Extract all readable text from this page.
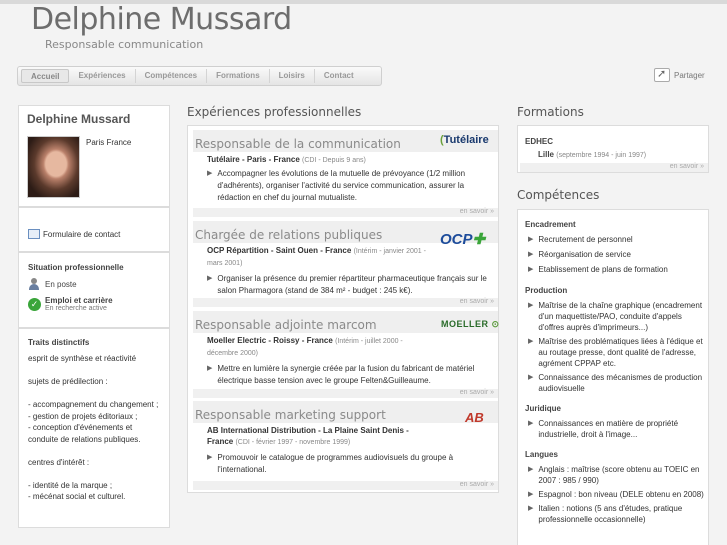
Delphine Mussard
Responsable communication
Accueil	Expériences	Compétences	Formations	Loisirs	Contact
➚	Partager
Delphine Mussard
Paris France
Formulaire de contact
Situation professionnelle
En poste
✓ Emploi et carrière
En recherche active
Traits distinctifs
esprit de synthèse et réactivité
sujets de prédilection :
- accompagnement du changement ;
- gestion de projets éditoriaux ;
- conception d'événements et
conduite de relations publiques.
centres d'intérêt :
- identité de la marque ;
- mécénat social et culturel.
Expériences professionnelles
Responsable de la communication
Tutélaire - Paris - France (CDI - Depuis 9 ans)
▶ Accompagner les évolutions de la mutuelle de prévoyance (1/2 million d'adhérents), organiser l'activité du service communication, assurer la rédaction en chef du journal mutualiste.
(Tutélaire
en savoir »
Chargée de relations publiques
OCP Répartition - Saint Ouen - France (Intérim - janvier 2001 - mars 2001)
▶ Organiser la présence du premier répartiteur pharmaceutique français sur le salon Pharmagora (stand de 384 m² - budget : 245 k€).
OCP✚
en savoir »
Responsable adjointe marcom
Moeller Electric - Roissy - France (Intérim - juillet 2000 - décembre 2000)
▶ Mettre en lumière la synergie créée par la fusion du fabricant de matériel électrique basse tension avec le groupe Felten&Guilleaume.
MOELLER ⊙
en savoir »
Responsable marketing support
AB International Distribution - La Plaine Saint Denis - France (CDI - février 1997 - novembre 1999)
▶ Promouvoir le catalogue de programmes audiovisuels du groupe à l'international.
AB
en savoir »
Formations
EDHEC
Lille (septembre 1994 - juin 1997)
en savoir »
Compétences
Encadrement
▶ Recrutement de personnel
▶ Réorganisation de service
▶ Etablissement de plans de formation
Production
▶ Maîtrise de la chaîne graphique (encadrement d'un maquettiste/PAO, conduite d'appels d'offres auprès d'imprimeurs...)
▶ Maîtrise des problématiques liées à l'édique et au routage presse, dont qualité de l'adresse, agrément CPPAP etc.
▶ Connaissance des mécanismes de production audiovisuelle
Juridique
▶ Connaissances en matière de propriété industrielle, droit à l'image...
Langues
▶ Anglais : maîtrise (score obtenu au TOEIC en 2007 : 985 / 990)
▶ Espagnol : bon niveau (DELE obtenu en 2008)
▶ Italien : notions (5 ans d'études, pratique professionnelle occasionnelle)
